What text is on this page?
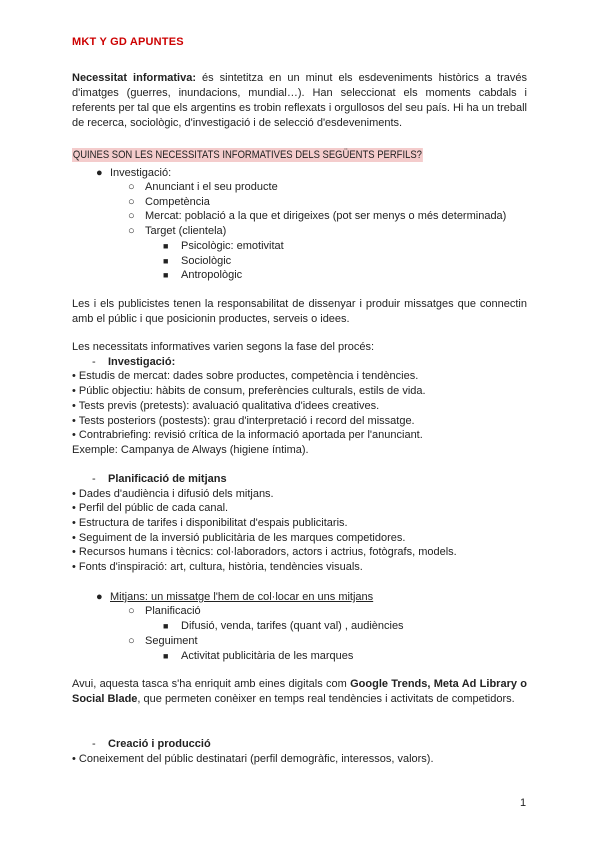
MKT Y GD APUNTES
Necessitat informativa: és sintetitza en un minut els esdeveniments històrics a través d'imatges (guerres, inundacions, mundial…). Han seleccionat els moments cabdals i referents per tal que els argentins es trobin reflexats i orgullosos del seu país. Hi ha un treball de recerca, sociològic, d'investigació i de selecció d'esdeveniments.
QUINES SON LES NECESSITATS INFORMATIVES DELS SEGÜENTS PERFILS?
● Investigació:
○ Anunciant i el seu producte
○ Competència
○ Mercat: població a la que et dirigeixes (pot ser menys o més determinada)
○ Target (clientela)
■ Psicològic: emotivitat
■ Sociològic
■ Antropològic
Les i els publicistes tenen la responsabilitat de dissenyar i produir missatges que connectin amb el públic i que posicionin productes, serveis o idees.
Les necessitats informatives varien segons la fase del procés:
- Investigació:
• Estudis de mercat: dades sobre productes, competència i tendències.
• Públic objectiu: hàbits de consum, preferències culturals, estils de vida.
• Tests previs (pretests): avaluació qualitativa d'idees creatives.
• Tests posteriors (postests): grau d'interpretació i record del missatge.
• Contrabriefing: revisió crítica de la informació aportada per l'anunciant.
Exemple: Campanya de Always (higiene íntima).
- Planificació de mitjans
• Dades d'audiència i difusió dels mitjans.
• Perfil del públic de cada canal.
• Estructura de tarifes i disponibilitat d'espais publicitaris.
• Seguiment de la inversió publicitària de les marques competidores.
• Recursos humans i tècnics: col·laboradors, actors i actrius, fotògrafs, models.
• Fonts d'inspiració: art, cultura, història, tendències visuals.
● Mitjans: un missatge l'hem de col·locar en uns mitjans
○ Planificació
■ Difusió, venda, tarifes (quant val) , audiències
○ Seguiment
■ Activitat publicitària de les marques
Avui, aquesta tasca s'ha enriquit amb eines digitals com Google Trends, Meta Ad Library o Social Blade, que permeten conèixer en temps real tendències i activitats de competidors.
- Creació i producció
• Coneixement del públic destinatari (perfil demogràfic, interessos, valors).
1
